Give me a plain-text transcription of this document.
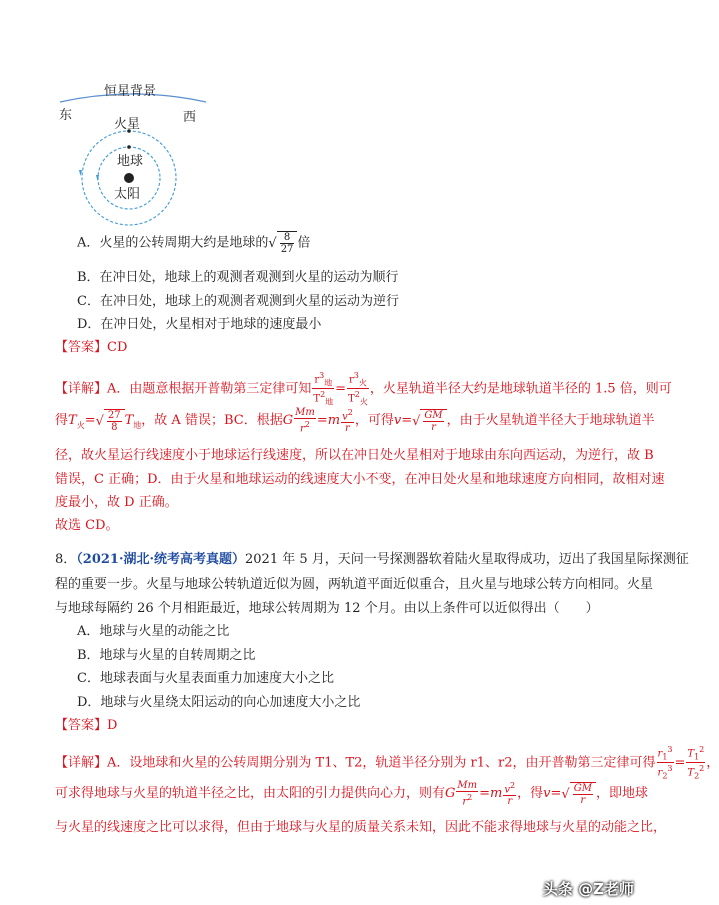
恒星背景
东	西
火星
地球
太阳
A．火星的公转周期大约是地球的√ $\frac{8}{27}$ 倍
B．在冲日处，地球上的观测者观测到火星的运动为顺行
C．在冲日处，地球上的观测者观测到火星的运动为逆行
D．在冲日处，火星相对于地球的速度最小
【答案】CD
【详解】A．由题意根据开普勒第三定律可知
$r^3_地$
$T^2_地$
=
$r^3_火$
$T^2_火$
，火星轨道半径大约是地球轨道半径的 1.5 倍，则可
得$T_火=√ \frac{27}{8} T_地$，故 A 错误；BC．根据G $\frac{Mm}{r^2} =m \frac{v^2}{r}$ ，可得$v=√ \frac{GM}{r}$ ，由于火星轨道半径大于地球轨道半
径，故火星运行线速度小于地球运行线速度，所以在冲日处火星相对于地球由东向西运动，为逆行，故 B
错误，C 正确；D．由于火星和地球运动的线速度大小不变，在冲日处火星和地球速度方向相同，故相对速
度最小，故 D 正确。
故选 CD。
8．（2021·湖北·统考高考真题）2021 年 5 月，天问一号探测器软着陆火星取得成功，迈出了我国星际探测征
程的重要一步。火星与地球公转轨道近似为圆，两轨道平面近似重合，且火星与地球公转方向相同。火星
与地球每隔约 26 个月相距最近，地球公转周期为 12 个月。由以上条件可以近似得出（　　）
A．地球与火星的动能之比
B．地球与火星的自转周期之比
C．地球表面与火星表面重力加速度大小之比
D．地球与火星绕太阳运动的向心加速度大小之比
【答案】D
【详解】A．设地球和火星的公转周期分别为 T1、T2，轨道半径分别为 r1、r2，由开普勒第三定律可得 $\frac{r_1^3}{r_2^3} = \frac{T_1^2}{T_2^2}$ ，
可求得地球与火星的轨道半径之比，由太阳的引力提供向心力，则有G $\frac{Mm}{r^2} =m \frac{v^2}{r}$ ，得$v=√ \frac{GM}{r}$ ，即地球
与火星的线速度之比可以求得，但由于地球与火星的质量关系未知，因此不能求得地球与火星的动能之比，
头条 @Z老师
